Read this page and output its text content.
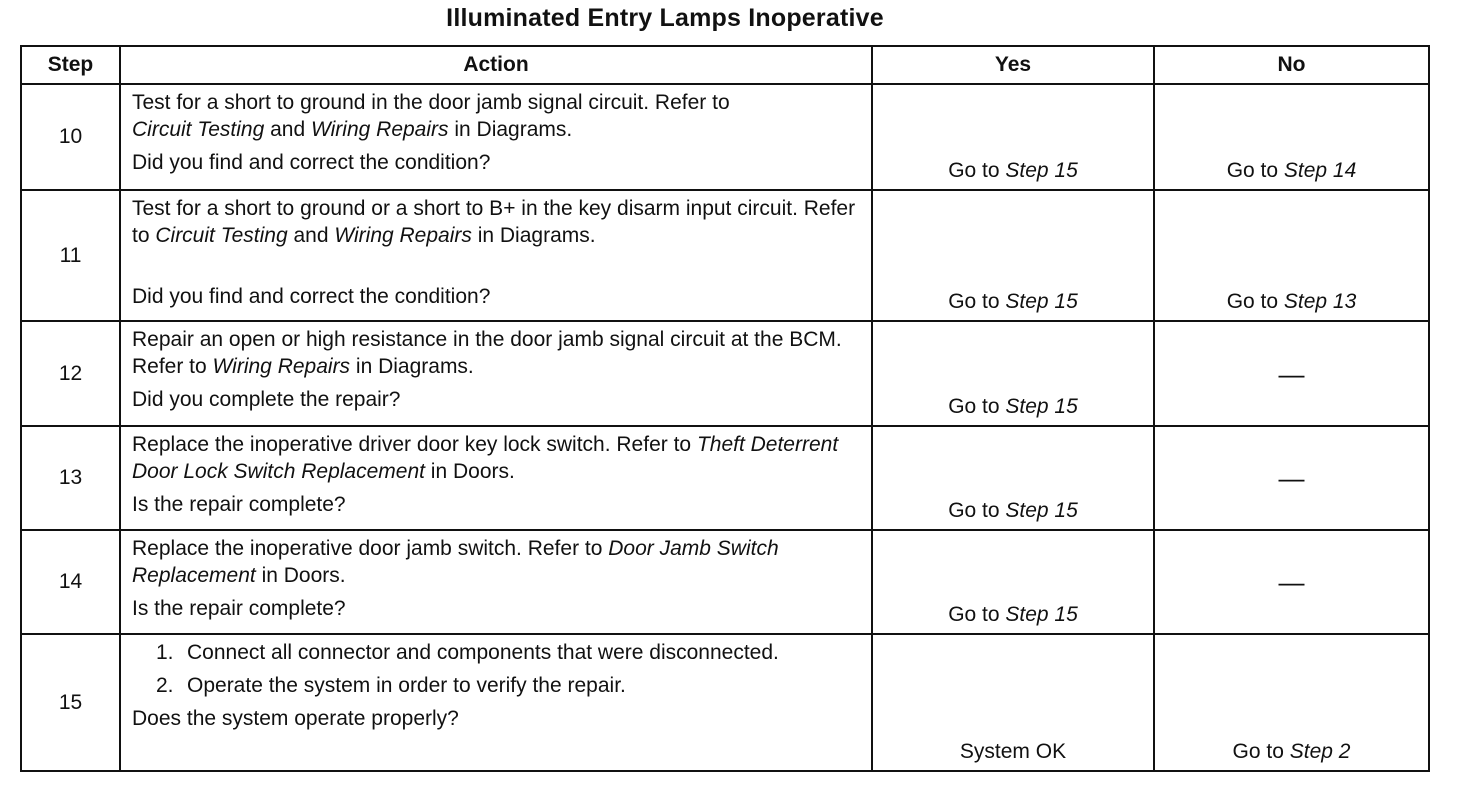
Illuminated Entry Lamps Inoperative
Step	Action	Yes	No
10	Test for a short to ground in the door jamb signal circuit. Refer to
Circuit Testing and Wiring Repairs in Diagrams.
Did you find and correct the condition?	Go to Step 15	Go to Step 14
11	Test for a short to ground or a short to B+ in the key disarm input circuit. Refer to Circuit Testing and Wiring Repairs in Diagrams.
Did you find and correct the condition?	Go to Step 15	Go to Step 13
12	Repair an open or high resistance in the door jamb signal circuit at the BCM. Refer to Wiring Repairs in Diagrams.
Did you complete the repair?	Go to Step 15	—
13	Replace the inoperative driver door key lock switch. Refer to Theft Deterrent Door Lock Switch Replacement in Doors.
Is the repair complete?	Go to Step 15	—
14	Replace the inoperative door jamb switch. Refer to Door Jamb Switch Replacement in Doors.
Is the repair complete?	Go to Step 15	—
15	1. Connect all connector and components that were disconnected.
2. Operate the system in order to verify the repair.
Does the system operate properly?	System OK	Go to Step 2
